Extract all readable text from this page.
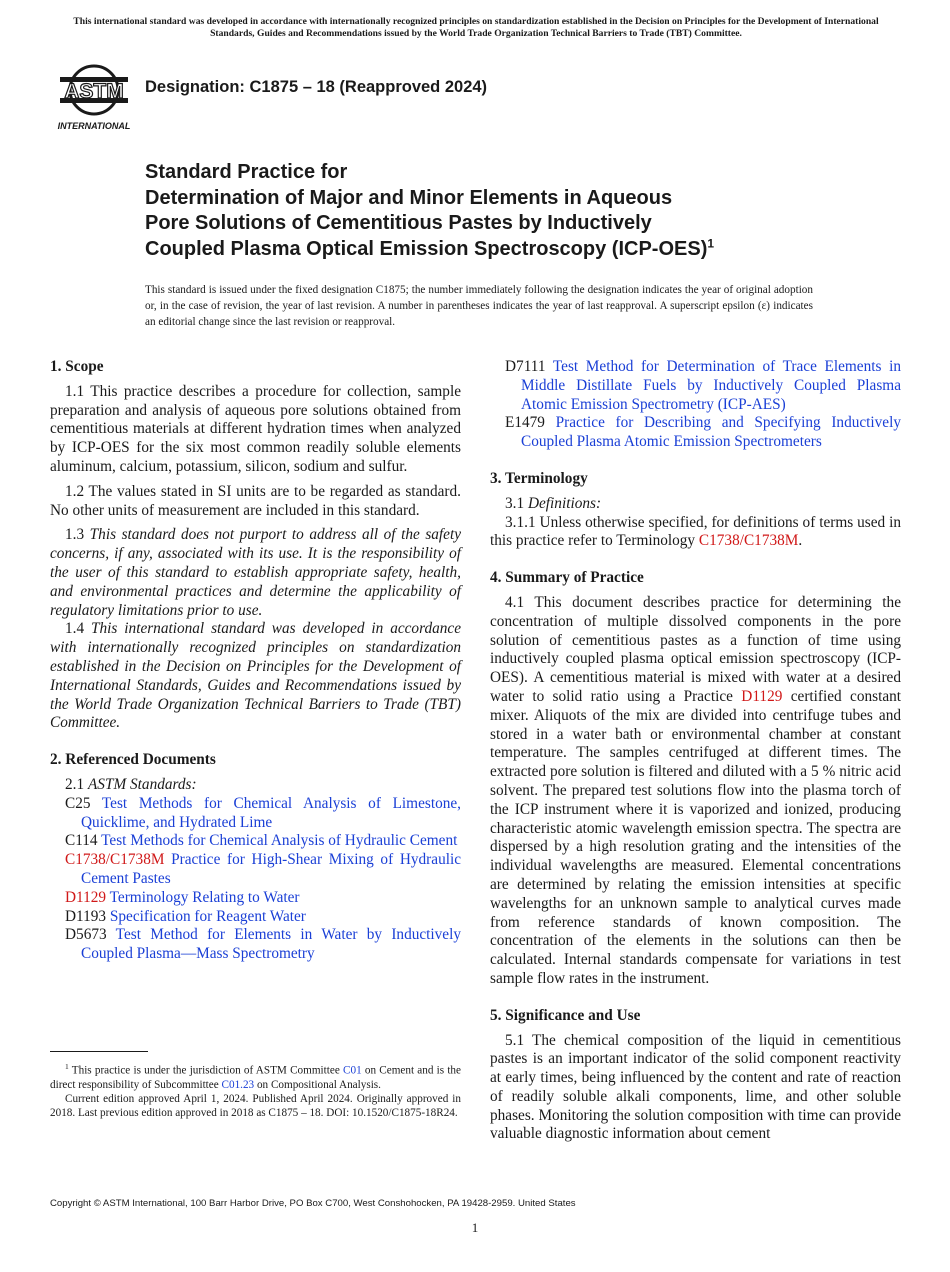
This international standard was developed in accordance with internationally recognized principles on standardization established in the Decision on Principles for the Development of International Standards, Guides and Recommendations issued by the World Trade Organization Technical Barriers to Trade (TBT) Committee.
ASTM
INTERNATIONAL
Designation: C1875 – 18 (Reapproved 2024)
Standard Practice for
Determination of Major and Minor Elements in Aqueous
Pore Solutions of Cementitious Pastes by Inductively
Coupled Plasma Optical Emission Spectroscopy $(ICP-OES)^1$
This standard is issued under the fixed designation C1875; the number immediately following the designation indicates the year of original adoption or, in the case of revision, the year of last revision. A number in parentheses indicates the year of last reapproval. A superscript epsilon (ε) indicates an editorial change since the last revision or reapproval.
1. Scope

1.1 This practice describes a procedure for collection, sample preparation and analysis of aqueous pore solutions obtained from cementitious materials at different hydration times when analyzed by ICP-OES for the six most common readily soluble elements aluminum, calcium, potassium, silicon, sodium and sulfur.

1.2 The values stated in SI units are to be regarded as standard. No other units of measurement are included in this standard.

1.3 This standard does not purport to address all of the safety concerns, if any, associated with its use. It is the responsibility of the user of this standard to establish appropriate safety, health, and environmental practices and determine the applicability of regulatory limitations prior to use.

1.4 This international standard was developed in accordance with internationally recognized principles on standardization established in the Decision on Principles for the Development of International Standards, Guides and Recommendations issued by the World Trade Organization Technical Barriers to Trade (TBT) Committee.

2. Referenced Documents

2.1 ASTM Standards:

C25 Test Methods for Chemical Analysis of Limestone, Quicklime, and Hydrated Lime

C114 Test Methods for Chemical Analysis of Hydraulic Cement

C1738/C1738M Practice for High-Shear Mixing of Hydraulic Cement Pastes

D1129 Terminology Relating to Water

D1193 Specification for Reagent Water

D5673 Test Method for Elements in Water by Inductively Coupled Plasma—Mass Spectrometry

D7111 Test Method for Determination of Trace Elements in Middle Distillate Fuels by Inductively Coupled Plasma Atomic Emission Spectrometry (ICP-AES)

E1479 Practice for Describing and Specifying Inductively Coupled Plasma Atomic Emission Spectrometers

3. Terminology

3.1 Definitions:

3.1.1 Unless otherwise specified, for definitions of terms used in this practice refer to Terminology C1738/C1738M.

4. Summary of Practice

4.1 This document describes practice for determining the concentration of multiple dissolved components in the pore solution of cementitious pastes as a function of time using inductively coupled plasma optical emission spectroscopy (ICP-OES). A cementitious material is mixed with water at a desired water to solid ratio using a Practice D1129 certified constant mixer. Aliquots of the mix are divided into centrifuge tubes and stored in a water bath or environmental chamber at constant temperature. The samples centrifuged at different times. The extracted pore solution is filtered and diluted with a 5 % nitric acid solvent. The prepared test solutions flow into the plasma torch of the ICP instrument where it is vaporized and ionized, producing characteristic atomic wavelength emission spectra. The spectra are dispersed by a high resolution grating and the intensities of the individual wavelengths are measured. Elemental concentrations are determined by relating the emission intensities at specific wavelengths for an unknown sample to analytical curves made from reference standards of known composition. The concentration of the elements in the solutions can then be calculated. Internal standards compensate for variations in test sample flow rates in the instrument.

5. Significance and Use

5.1 The chemical composition of the liquid in cementitious pastes is an important indicator of the solid component reactivity at early times, being influenced by the content and rate of reaction of readily soluble alkali components, lime, and other soluble phases. Monitoring the solution composition with time can provide valuable diagnostic information about cement

$^1$ This practice is under the jurisdiction of ASTM Committee C01 on Cement and is the direct responsibility of Subcommittee C01.23 on Compositional Analysis.

Current edition approved April 1, 2024. Published April 2024. Originally approved in 2018. Last previous edition approved in 2018 as C1875 – 18. DOI: 10.1520/C1875-18R24.

Copyright © ASTM International, 100 Barr Harbor Drive, PO Box C700, West Conshohocken, PA 19428-2959. United States
1
